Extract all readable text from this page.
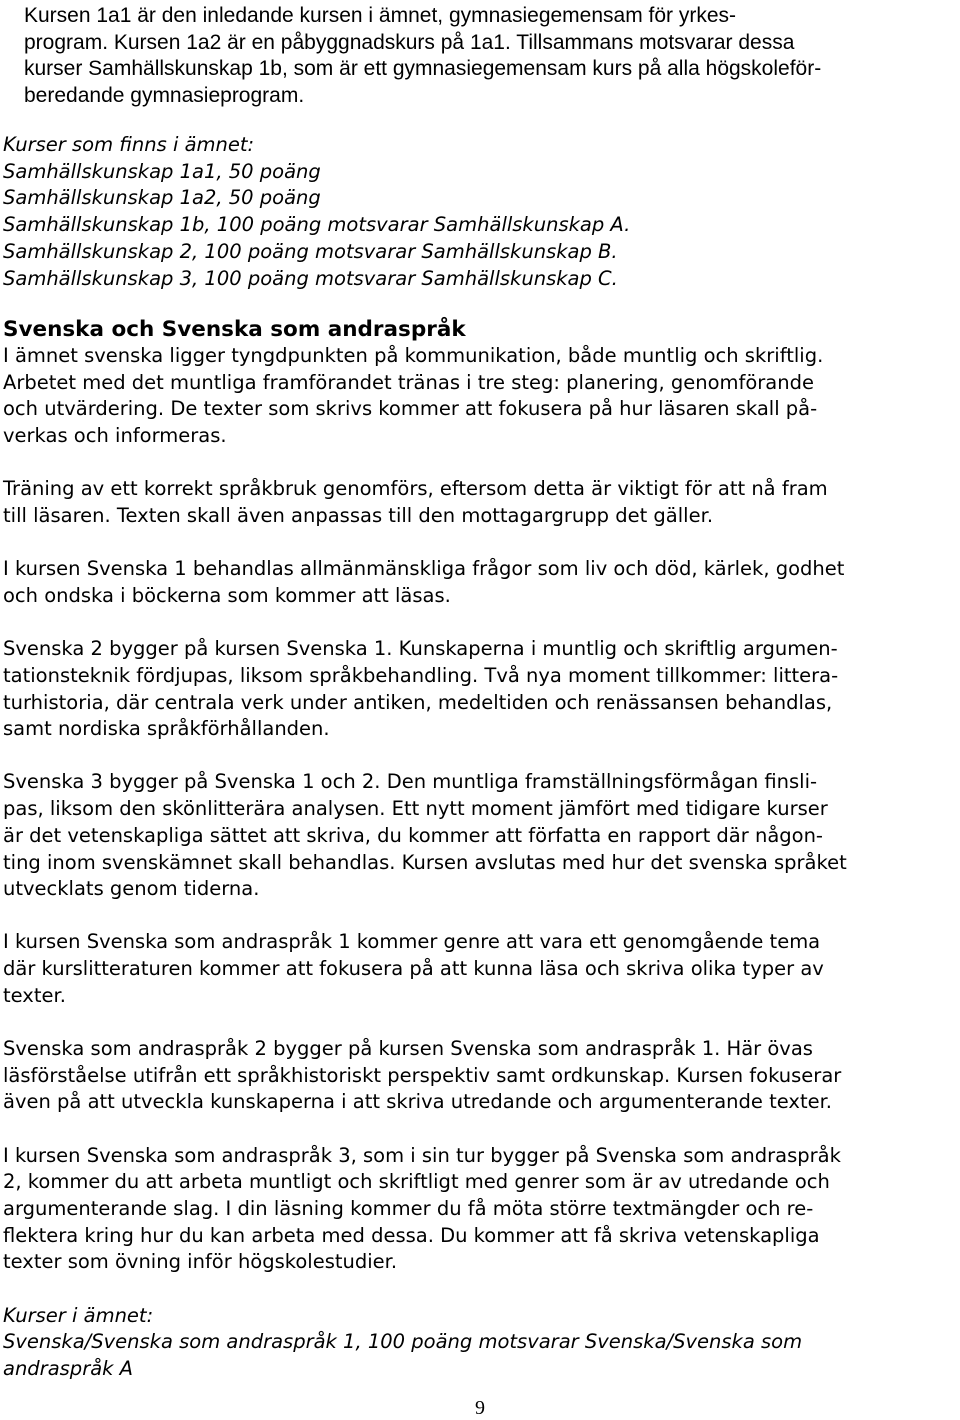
Kursen 1a1 är den inledande kursen i ämnet, gymnasiegemensam för yrkes-
program. Kursen 1a2 är en påbyggnadskurs på 1a1. Tillsammans motsvarar dessa
kurser Samhällskunskap 1b, som är ett gymnasiegemensam kurs på alla högskoleför-
beredande gymnasieprogram.

Kurser som finns i ämnet:
Samhällskunskap 1a1, 50 poäng
Samhällskunskap 1a2, 50 poäng
Samhällskunskap 1b, 100 poäng motsvarar Samhällskunskap A.
Samhällskunskap 2, 100 poäng motsvarar Samhällskunskap B.
Samhällskunskap 3, 100 poäng motsvarar Samhällskunskap C.
Svenska och Svenska som andraspråk
I ämnet svenska ligger tyngdpunkten på kommunikation, både muntlig och skriftlig.
Arbetet med det muntliga framförandet tränas i tre steg: planering, genomförande
och utvärdering. De texter som skrivs kommer att fokusera på hur läsaren skall på-
verkas och informeras.
Träning av ett korrekt språkbruk genomförs, eftersom detta är viktigt för att nå fram
till läsaren. Texten skall även anpassas till den mottagargrupp det gäller.
I kursen Svenska 1 behandlas allmänmänskliga frågor som liv och död, kärlek, godhet
och ondska i böckerna som kommer att läsas.
Svenska 2 bygger på kursen Svenska 1. Kunskaperna i muntlig och skriftlig argumen-
tationsteknik fördjupas, liksom språkbehandling. Två nya moment tillkommer: littera-
turhistoria, där centrala verk under antiken, medeltiden och renässansen behandlas,
samt nordiska språkförhållanden.
Svenska 3 bygger på Svenska 1 och 2. Den muntliga framställningsförmågan finsli-
pas, liksom den skönlitterära analysen. Ett nytt moment jämfört med tidigare kurser
är det vetenskapliga sättet att skriva, du kommer att författa en rapport där någon-
ting inom svenskämnet skall behandlas. Kursen avslutas med hur det svenska språket
utvecklats genom tiderna.
I kursen Svenska som andraspråk 1 kommer genre att vara ett genomgående tema
där kurslitteraturen kommer att fokusera på att kunna läsa och skriva olika typer av
texter.
Svenska som andraspråk 2 bygger på kursen Svenska som andraspråk 1. Här övas
läsförståelse utifrån ett språkhistoriskt perspektiv samt ordkunskap. Kursen fokuserar
även på att utveckla kunskaperna i att skriva utredande och argumenterande texter.
I kursen Svenska som andraspråk 3, som i sin tur bygger på Svenska som andraspråk
2, kommer du att arbeta muntligt och skriftligt med genrer som är av utredande och
argumenterande slag. I din läsning kommer du få möta större textmängder och re-
flektera kring hur du kan arbeta med dessa. Du kommer att få skriva vetenskapliga
texter som övning inför högskolestudier.
Kurser i ämnet:
Svenska/Svenska som andraspråk 1, 100 poäng motsvarar Svenska/Svenska som
andraspråk A
9
